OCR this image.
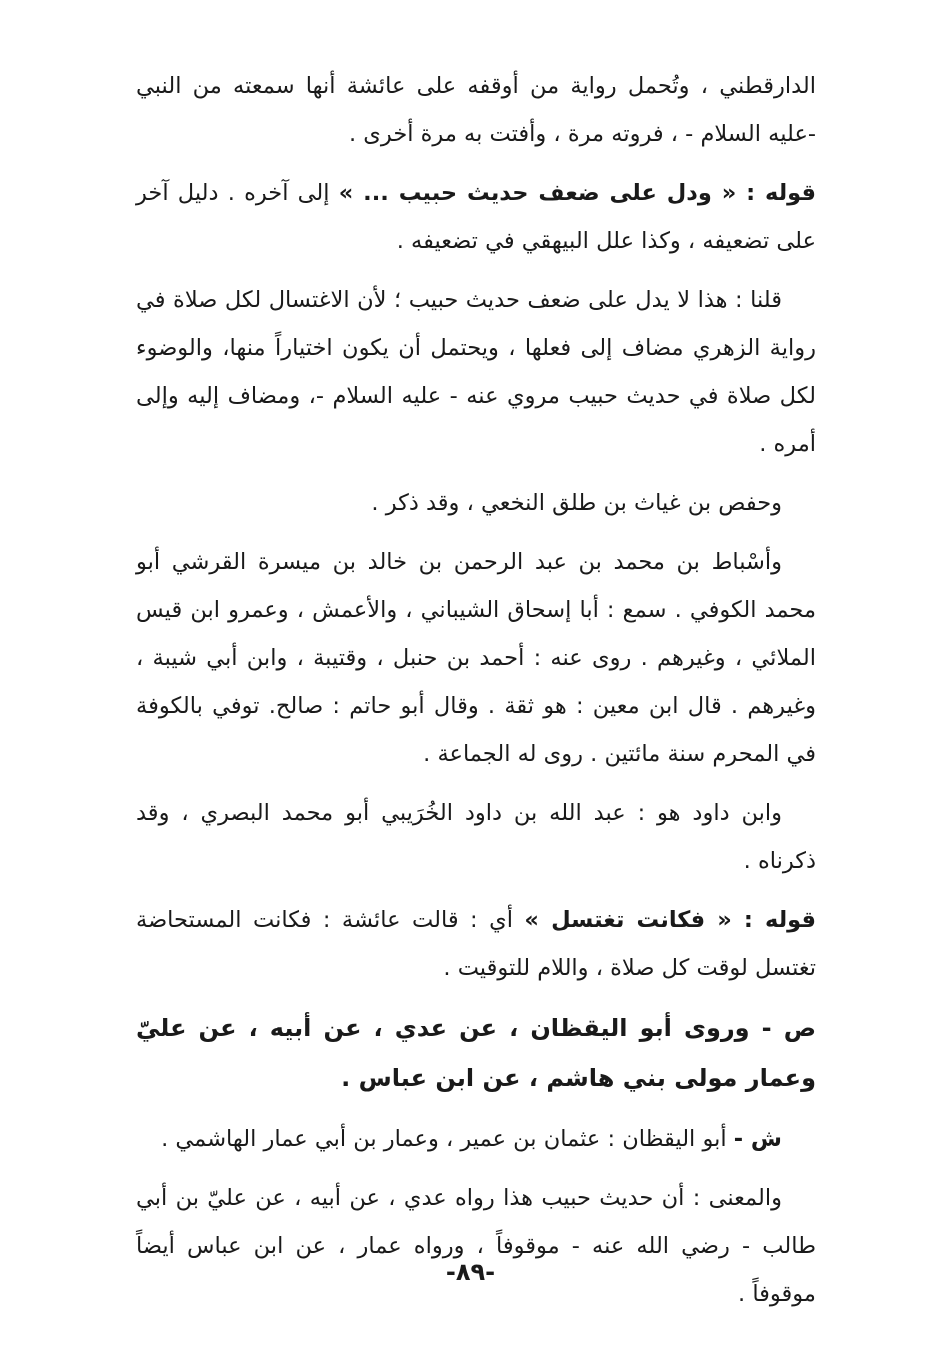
الدارقطني ، وتُحمل رواية من أوقفه على عائشة أنها سمعته من النبي -عليه السلام - ، فروته مرة ، وأفتت به مرة أخرى .

قوله : « ودل على ضعف حديث حبيب ... » إلى آخره . دليل آخر على تضعيفه ، وكذا علل البيهقي في تضعيفه .

قلنا : هذا لا يدل على ضعف حديث حبيب ؛ لأن الاغتسال لكل صلاة في رواية الزهري مضاف إلى فعلها ، ويحتمل أن يكون اختياراً منها، والوضوء لكل صلاة في حديث حبيب مروي عنه - عليه السلام -، ومضاف إليه وإلى أمره .

وحفص بن غياث بن طلق النخعي ، وقد ذكر .

وأسْباط بن محمد بن عبد الرحمن بن خالد بن ميسرة القرشي أبو محمد الكوفي . سمع : أبا إسحاق الشيباني ، والأعمش ، وعمرو ابن قيس الملائي ، وغيرهم . روى عنه : أحمد بن حنبل ، وقتيبة ، وابن أبي شيبة ، وغيرهم . قال ابن معين : هو ثقة . وقال أبو حاتم : صالح. توفي بالكوفة في المحرم سنة مائتين . روى له الجماعة .

وابن داود هو : عبد الله بن داود الخُرَيبي أبو محمد البصري ، وقد ذكرناه .

قوله : « فكانت تغتسل » أي : قالت عائشة : فكانت المستحاضة تغتسل لوقت كل صلاة ، واللام للتوقيت .

ص - وروى أبو اليقظان ، عن عدي ، عن أبيه ، عن عليّ وعمار مولى بني هاشم ، عن ابن عباس .

ش - أبو اليقظان : عثمان بن عمير ، وعمار بن أبي عمار الهاشمي .

والمعنى : أن حديث حبيب هذا رواه عدي ، عن أبيه ، عن عليّ بن أبي طالب - رضي الله عنه - موقوفاً ، ورواه عمار ، عن ابن عباس أيضاً موقوفاً .

-٨٩-
